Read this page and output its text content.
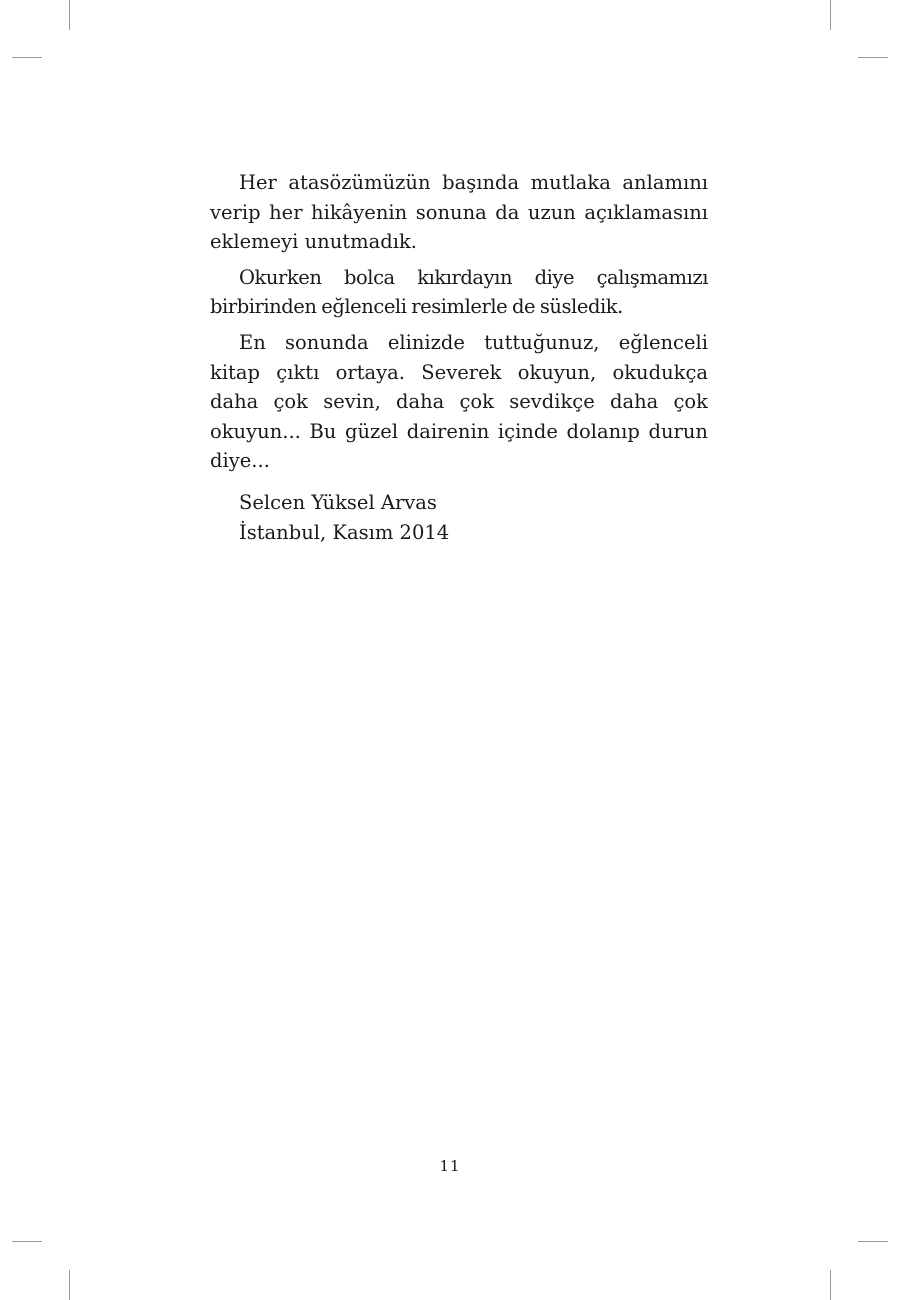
Her atasözümüzün başında mutlaka anlamını verip her hikâyenin sonuna da uzun açıklamasını eklemeyi unutmadık.

Okurken bolca kıkırdayın diye çalışmamızı birbirinden eğlenceli resimlerle de süsledik.

En sonunda elinizde tuttuğunuz, eğlenceli kitap çıktı ortaya. Severek okuyun, okudukça daha çok sevin, daha çok sevdikçe daha çok okuyun... Bu güzel dairenin içinde dolanıp durun diye...

Selcen Yüksel Arvas
İstanbul, Kasım 2014
11
